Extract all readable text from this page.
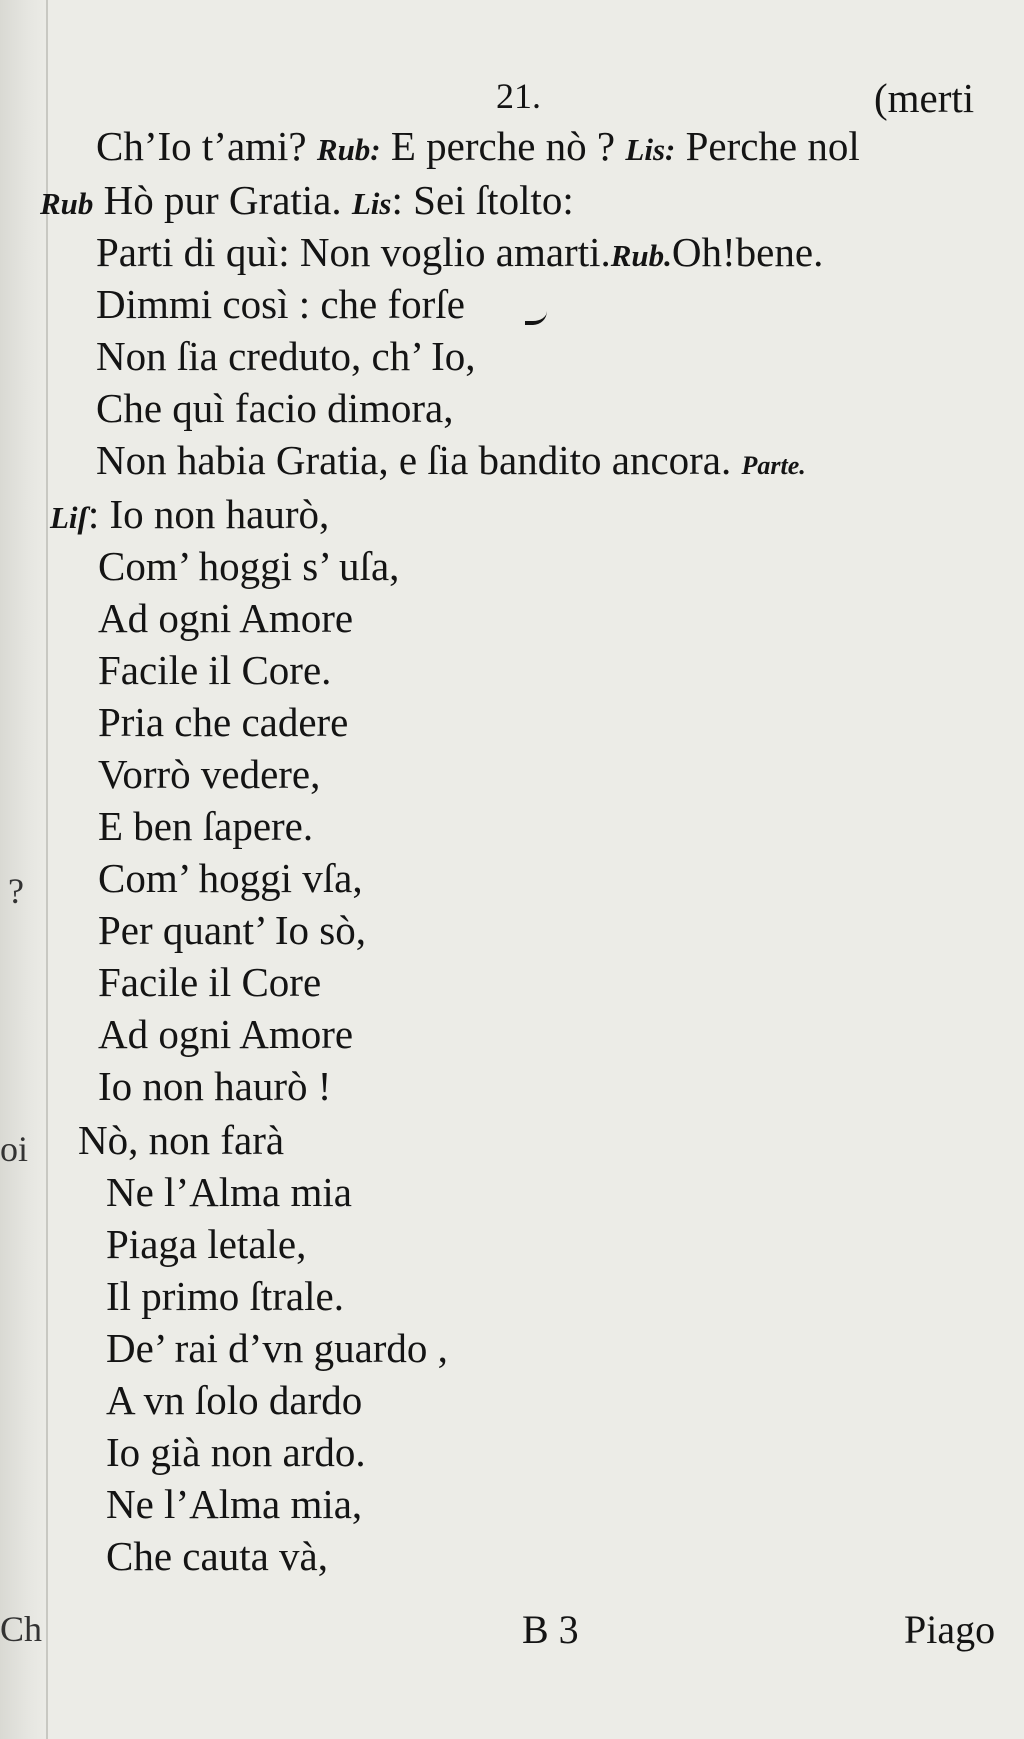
21.	(merti
Ch’Io t’ami? Rub: E perche nò ? Lis: Perche nol
Rub Hò pur Gratia. Lis: Sei ſtolto:
Parti di quì: Non voglio amarti.Rub.Oh!bene.
Dimmi così : che forſe
Non ſia creduto, ch’ Io,
Che quì facio dimora,
Non habia Gratia, e ſia bandito ancora. Parte.
Liſ: Io non haurò,
Com’ hoggi s’ uſa,
Ad ogni Amore
Facile il Core.
Pria che cadere
Vorrò vedere,
E ben ſapere.
Com’ hoggi vſa,
Per quant’ Io sò,
Facile il Core
Ad ogni Amore
Io non haurò !
Nò, non farà
Ne l’Alma mia
Piaga letale,
Il primo ſtrale.
De’ rai d’vn guardo ,
A vn ſolo dardo
Io già non ardo.
Ne l’Alma mia,
Che cauta và,
?
oi
Ch	B 3	Piago
